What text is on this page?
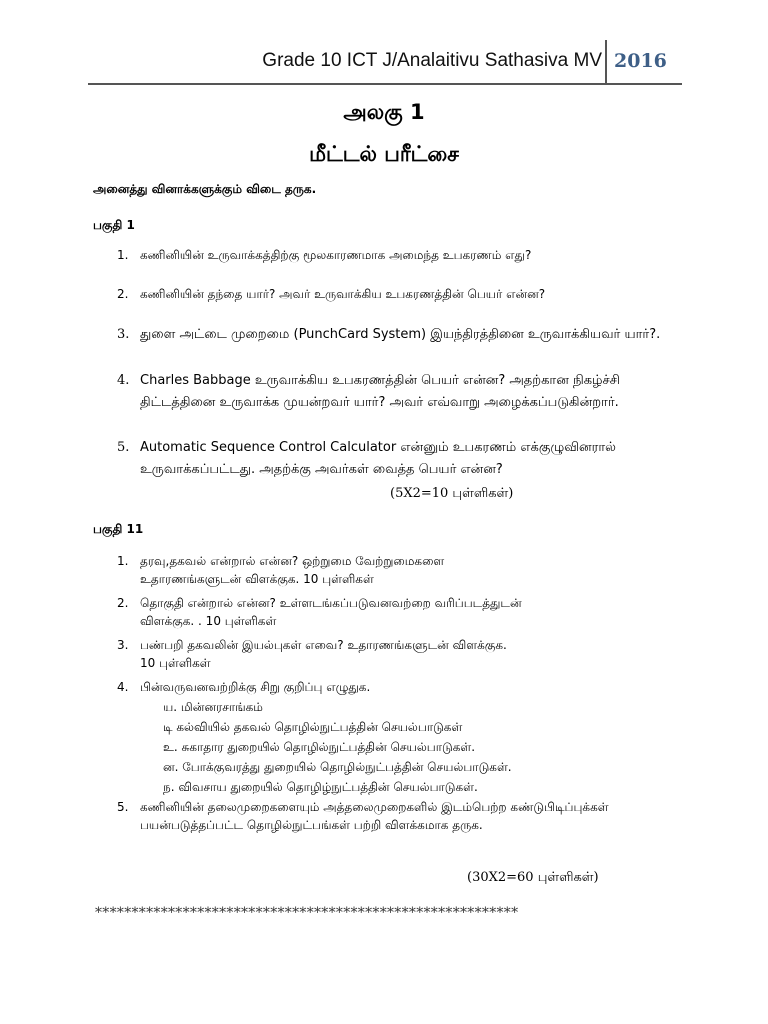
Grade 10 ICT J/Analaitivu Sathasiva MV 2016
அலகு 1
மீட்டல் பரீட்சை
அனைத்து வினாக்களுக்கும் விடை தருக.
பகுதி 1
1. கணினியின் உருவாக்கத்திற்கு மூலகாரணமாக அமைந்த உபகரணம் எது?
2. கணினியின் தந்தை யார்? அவர் உருவாக்கிய உபகரணத்தின் பெயர் என்ன?
3. துளை அட்டை முறைமை (PunchCard System) இயந்திரத்தினை உருவாக்கியவர் யார்?.
4. Charles Babbage உருவாக்கிய உபகரணத்தின் பெயர் என்ன? அதற்கான நிகழ்ச்சி திட்டத்தினை உருவாக்க முயன்றவர் யார்? அவர் எவ்வாறு அழைக்கப்படுகின்றார்.
5. Automatic Sequence Control Calculator என்னும் உபகரணம் எக்குழுவினரால் உருவாக்கப்பட்டது. அதற்க்கு அவர்கள் வைத்த பெயர் என்ன?
(5X2=10 புள்ளிகள்)
பகுதி 11
1. தரவு,தகவல் என்றால் என்ன? ஒற்றுமை வேற்றுமைகளை
உதாரணங்களுடன் விளக்குக. 10 புள்ளிகள்
2. தொகுதி என்றால் என்ன? உள்ளடங்கப்படுவனவற்றை வரிப்படத்துடன்
விளக்குக. . 10 புள்ளிகள்
3. பண்பறி தகவலின் இயல்புகள் எவை? உதாரணங்களுடன் விளக்குக.
10 புள்ளிகள்
4. பின்வருவனவற்றிக்கு சிறு குறிப்பு எழுதுக.
ய. மின்னரசாங்கம்
டி கல்வியில் தகவல் தொழில்நுட்பத்தின் செயல்பாடுகள்
உ. சுகாதார துறையில் தொழில்நுட்பத்தின் செயல்பாடுகள்.
ன. போக்குவரத்து துறையில் தொழில்நுட்பத்தின் செயல்பாடுகள்.
ந. விவசாய துறையில் தொழிழ்நுட்பத்தின் செயல்பாடுகள்.
5. கணினியின் தலைமுறைகளையும் அத்தலைமுறைகளில் இடம்பெற்ற கண்டுபிடிப்புக்கள் பயன்படுத்தப்பட்ட தொழில்நுட்பங்கள் பற்றி விளக்கமாக தருக.
(30X2=60 புள்ளிகள்)
**********************************************************
